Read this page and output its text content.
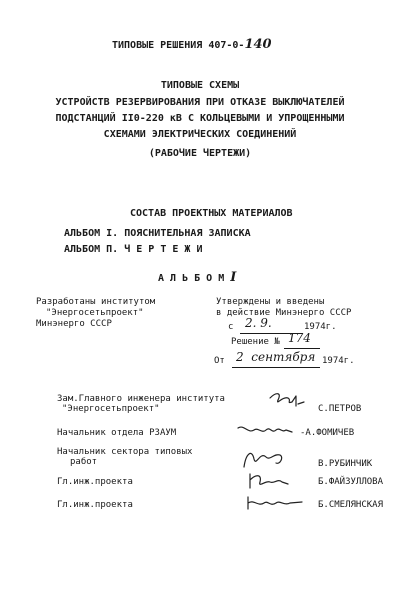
ТИПОВЫЕ РЕШЕНИЯ 407-0-140
ТИПОВЫЕ СХЕМЫ
УСТРОЙСТВ РЕЗЕРВИРОВАНИЯ ПРИ ОТКАЗЕ ВЫКЛЮЧАТЕЛЕЙ
ПОДСТАНЦИЙ II0-220 кВ С КОЛЬЦЕВЫМИ И УПРОЩЕННЫМИ
СХЕМАМИ ЭЛЕКТРИЧЕСКИХ СОЕДИНЕНИЙ
(РАБОЧИЕ ЧЕРТЕЖИ)
СОСТАВ ПРОЕКТНЫХ МАТЕРИАЛОВ
АЛЬБОМ I. ПОЯСНИТЕЛЬНАЯ ЗАПИСКА
АЛЬБОМ П. Ч Е Р Т Е Ж И
А Л Ь Б О М I
Разработаны институтом
"Энергосетьпроект"
Минэнерго СССР
Утверждены и введены
в действие Минэнерго СССР
с 2. 9.	1974г.
Решение № 174
От 2  сентября 1974г.
Зам.Главного инженера института
"Энергосетьпроект"	С.ПЕТРОВ
Начальник отдела РЗАУМ	-А.ФОМИЧЕВ
Начальник сектора типовых
работ	В.РУБИНЧИК
Гл.инж.проекта	Б.ФАЙЗУЛЛОВА
Гл.инж.проекта	Б.СМЕЛЯНСКАЯ
